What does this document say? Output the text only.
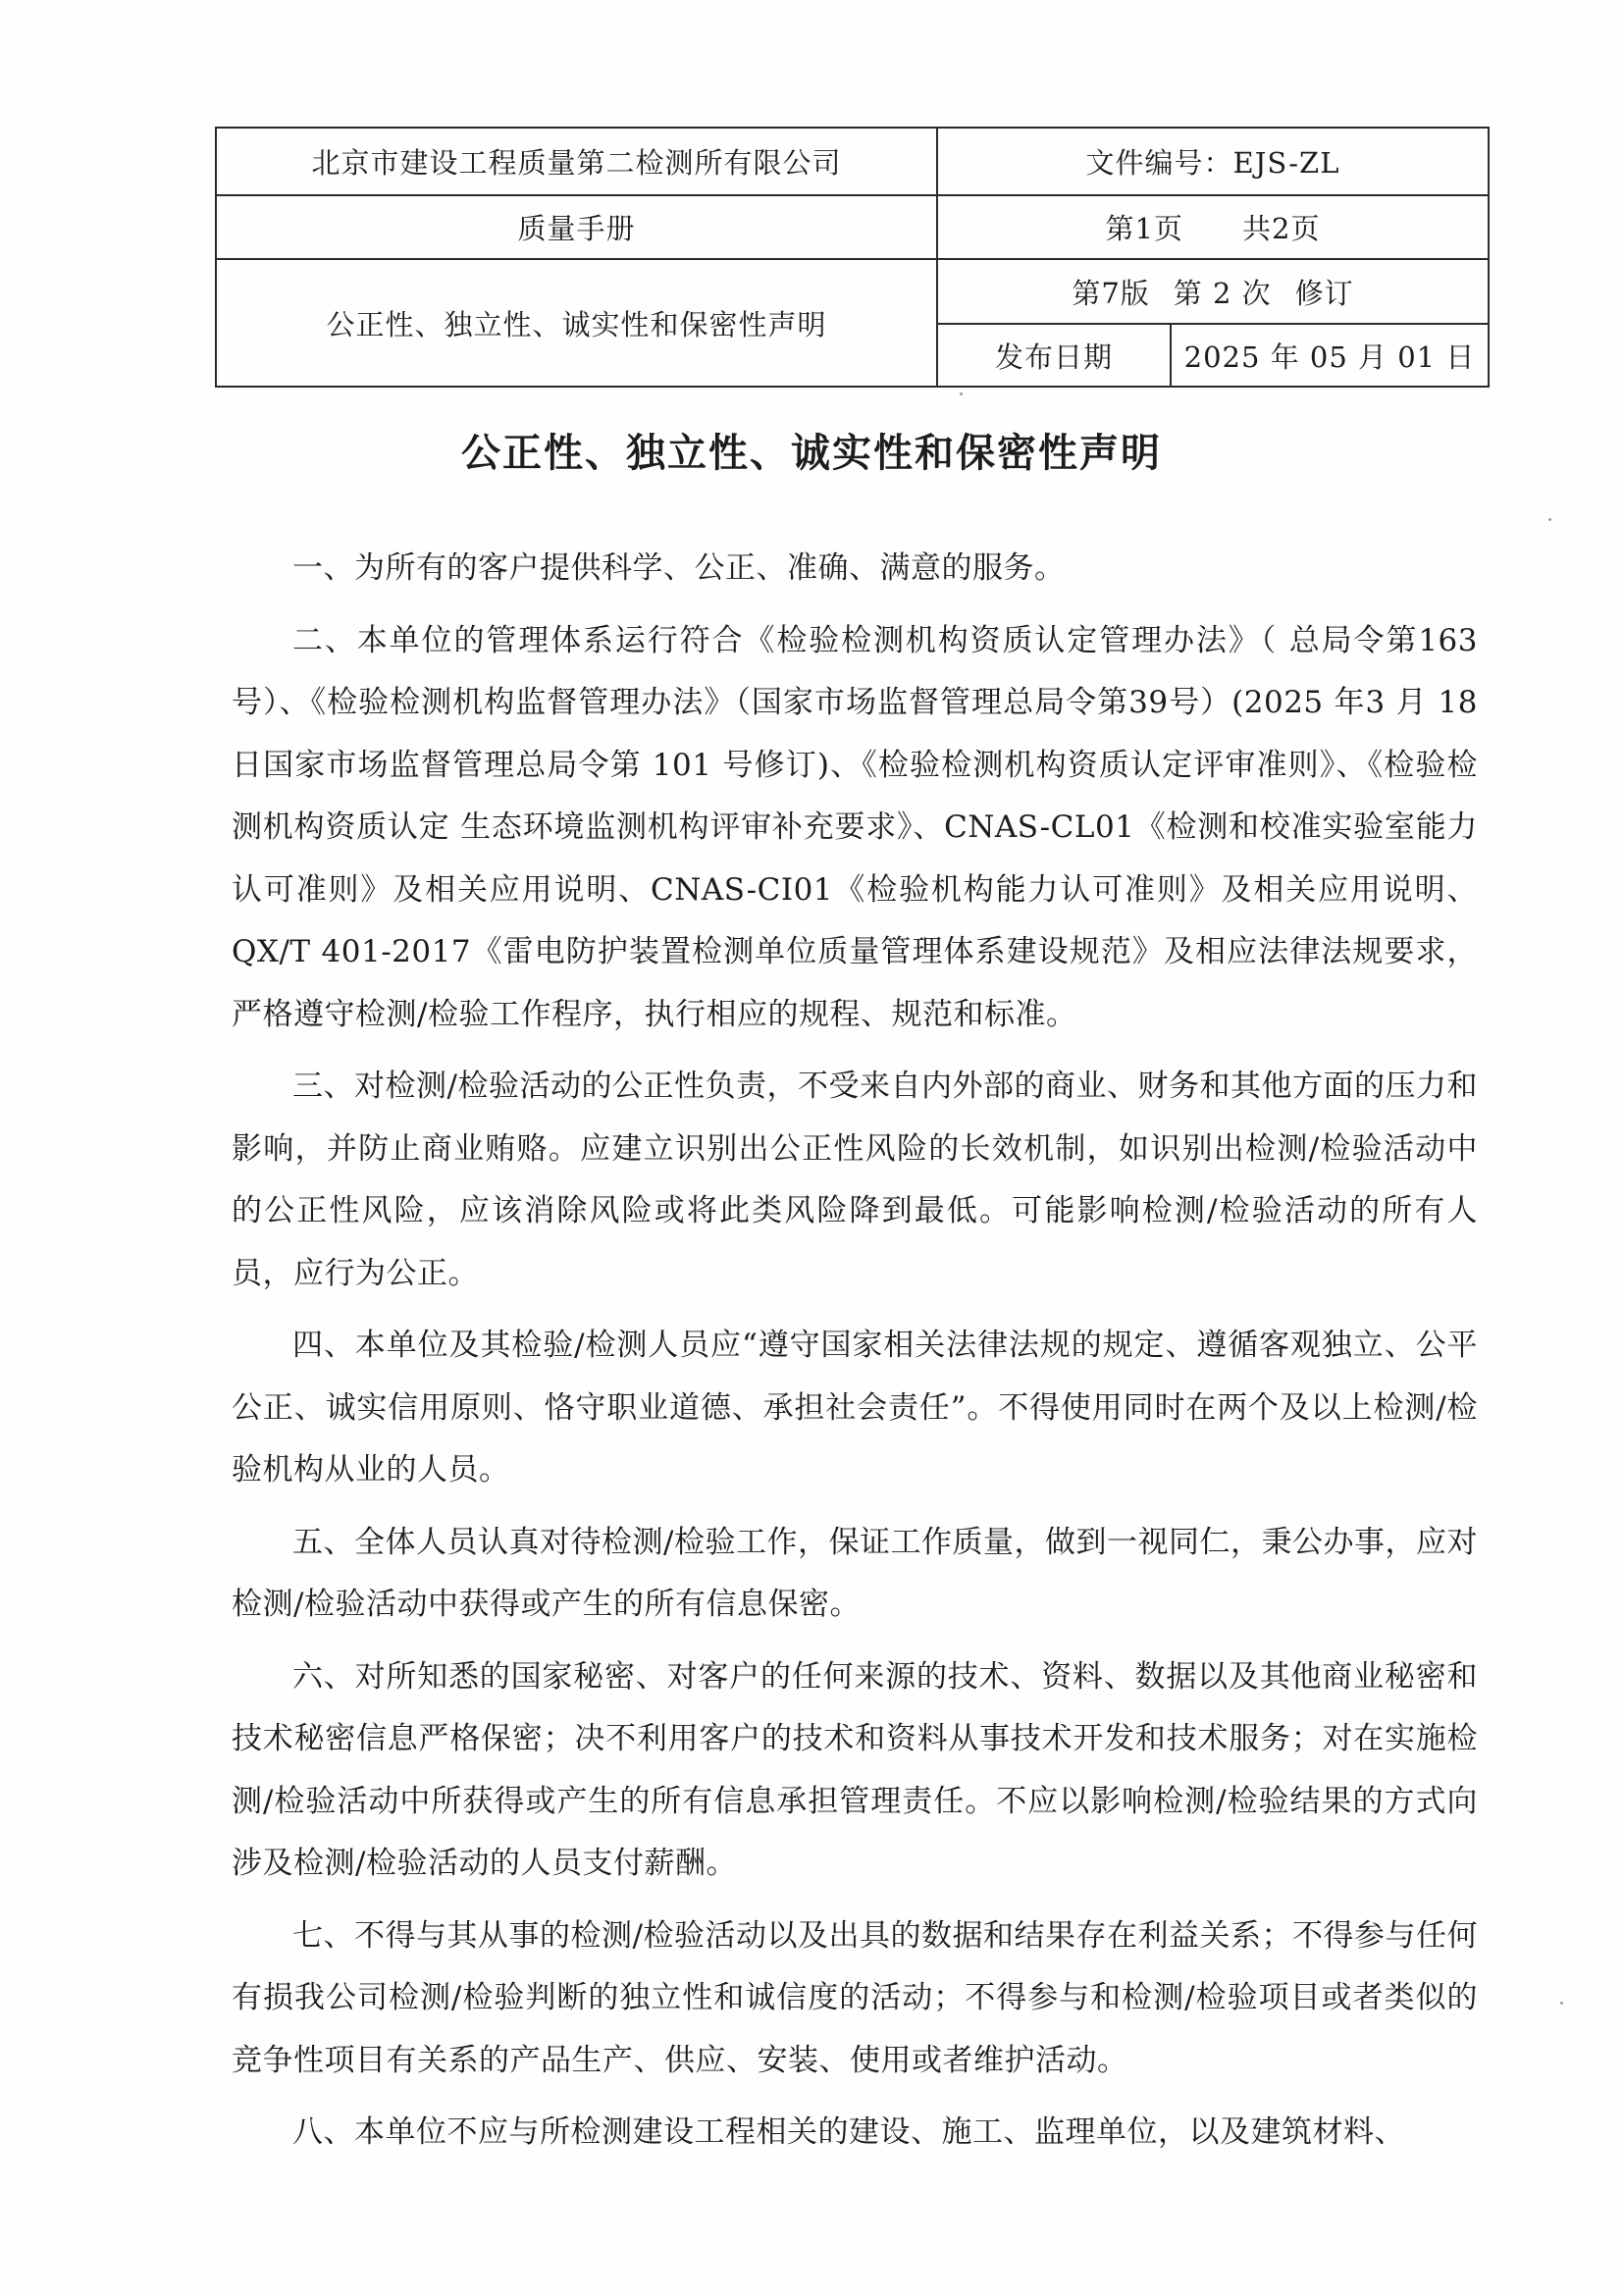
北京市建设工程质量第二检测所有限公司	文件编号：EJS-ZL	
质量手册	第1页 共2页	
公正性、独立性、诚实性和保密性声明	第7版 第 2 次 修订	
	发布日期	2025 年 05 月 01 日
公正性、独立性、诚实性和保密性声明

一、为所有的客户提供科学、公正、准确、满意的服务。

二、本单位的管理体系运行符合《检验检测机构资质认定管理办法》（ 总局令第163号）、《检验检测机构监督管理办法》（国家市场监督管理总局令第39号）(2025 年3 月 18 日国家市场监督管理总局令第 101 号修订)、《检验检测机构资质认定评审准则》、《检验检测机构资质认定 生态环境监测机构评审补充要求》、CNAS-CL01《检测和校准实验室能力认可准则》及相关应用说明、CNAS-CI01《检验机构能力认可准则》及相关应用说明、QX/T 401-2017《雷电防护装置检测单位质量管理体系建设规范》及相应法律法规要求，严格遵守检测/检验工作程序，执行相应的规程、规范和标准。

三、对检测/检验活动的公正性负责，不受来自内外部的商业、财务和其他方面的压力和影响，并防止商业贿赂。应建立识别出公正性风险的长效机制，如识别出检测/检验活动中的公正性风险，应该消除风险或将此类风险降到最低。可能影响检测/检验活动的所有人员，应行为公正。

四、本单位及其检验/检测人员应“遵守国家相关法律法规的规定、遵循客观独立、公平公正、诚实信用原则、恪守职业道德、承担社会责任”。不得使用同时在两个及以上检测/检验机构从业的人员。

五、全体人员认真对待检测/检验工作，保证工作质量，做到一视同仁，秉公办事，应对检测/检验活动中获得或产生的所有信息保密。

六、对所知悉的国家秘密、对客户的任何来源的技术、资料、数据以及其他商业秘密和技术秘密信息严格保密；决不利用客户的技术和资料从事技术开发和技术服务；对在实施检测/检验活动中所获得或产生的所有信息承担管理责任。不应以影响检测/检验结果的方式向涉及检测/检验活动的人员支付薪酬。

七、不得与其从事的检测/检验活动以及出具的数据和结果存在利益关系；不得参与任何有损我公司检测/检验判断的独立性和诚信度的活动；不得参与和检测/检验项目或者类似的竞争性项目有关系的产品生产、供应、安装、使用或者维护活动。

八、本单位不应与所检测建设工程相关的建设、施工、监理单位，以及建筑材料、
